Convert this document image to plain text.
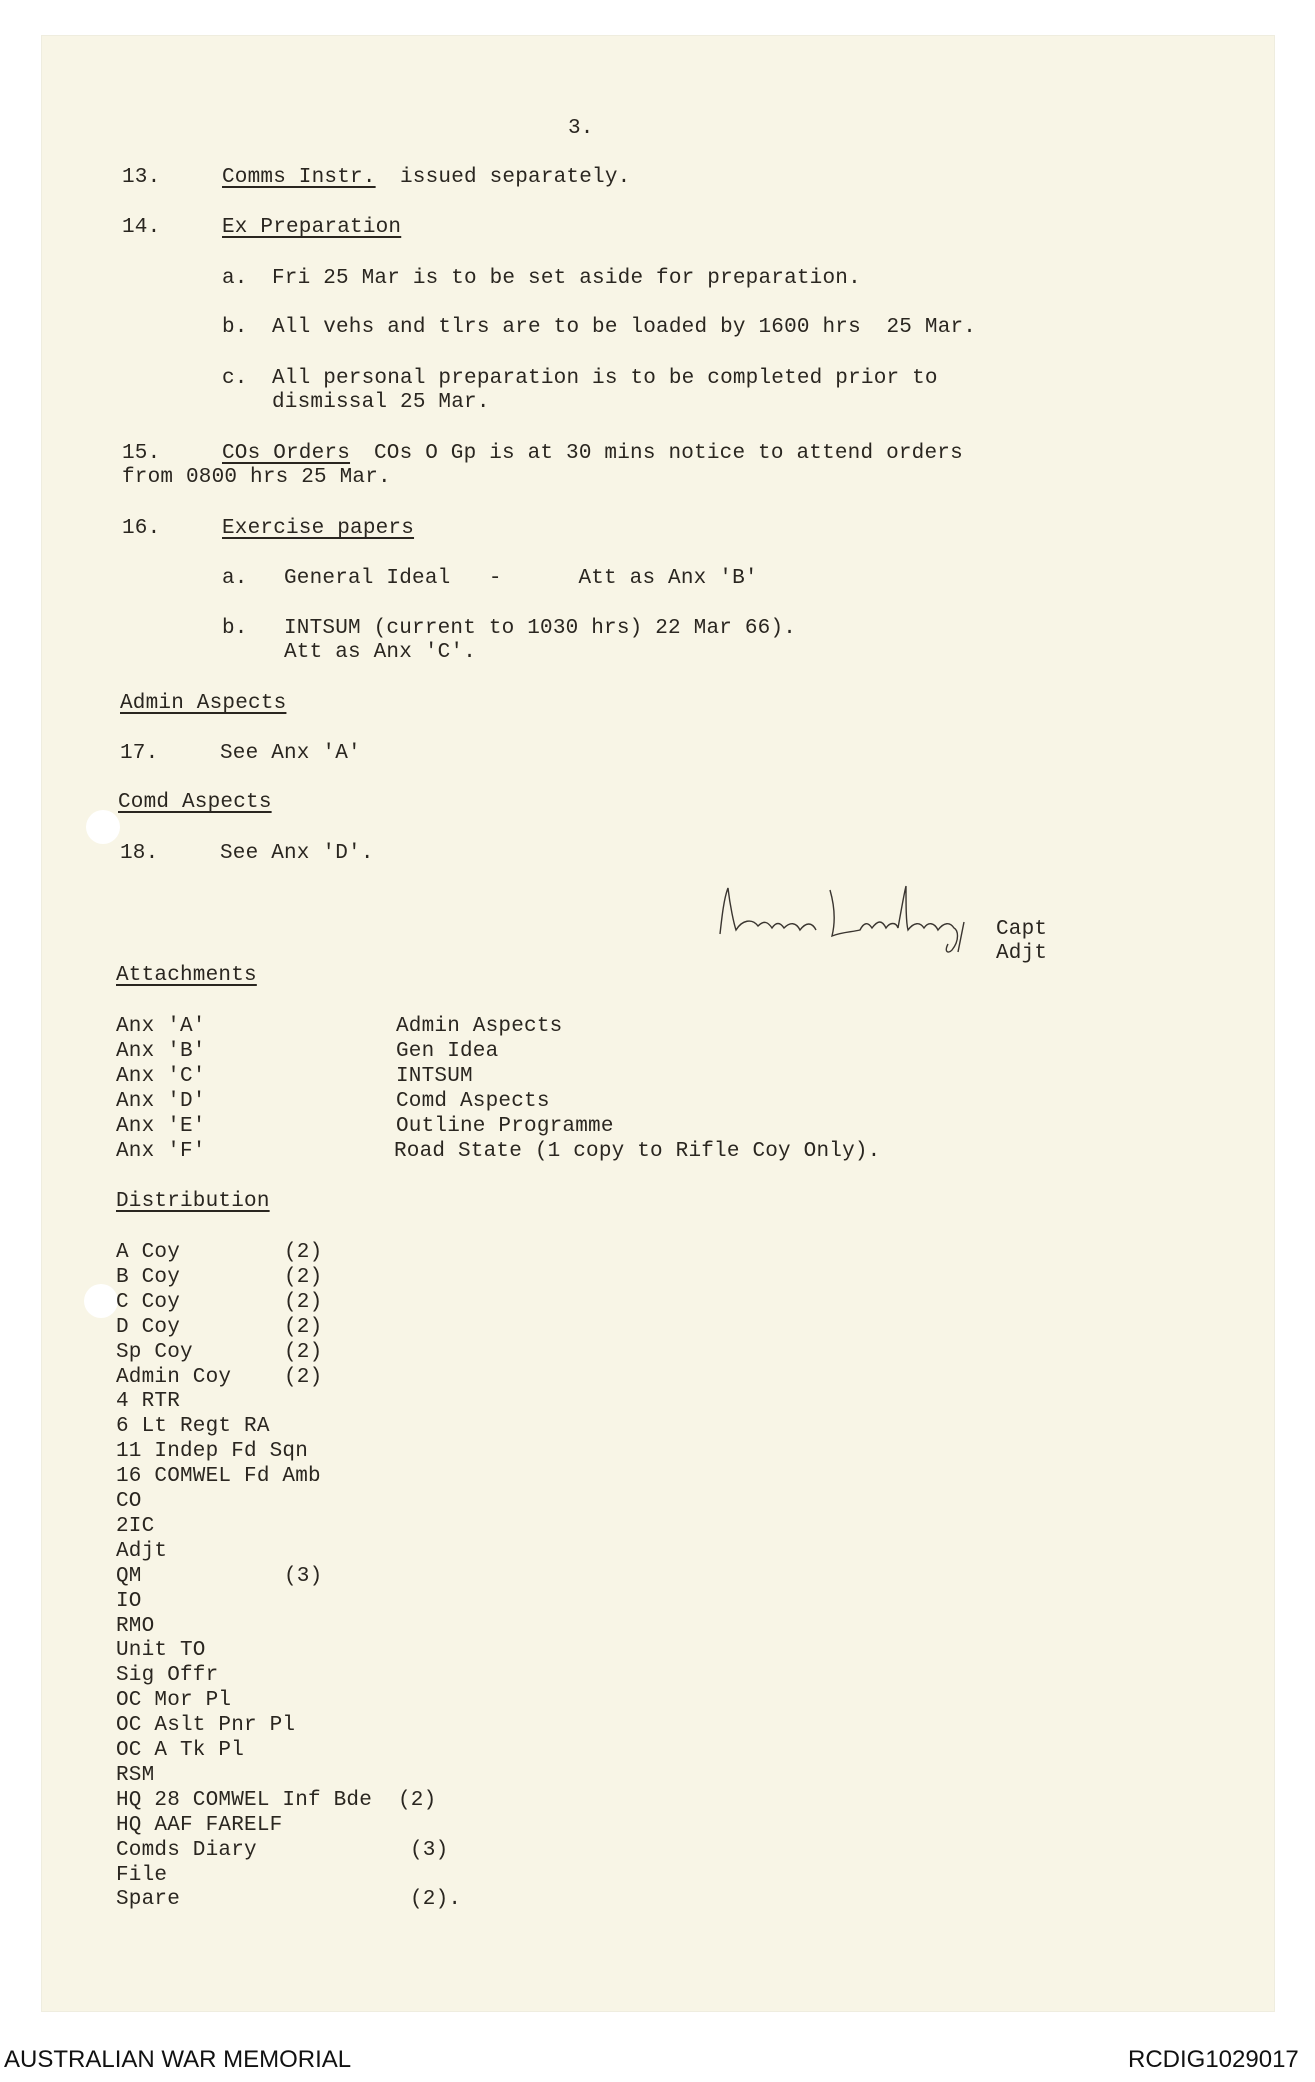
3.
13.	Comms Instr. issued separately.
14.	Ex Preparation
a. Fri 25 Mar is to be set aside for preparation.
b. All vehs and tlrs are to be loaded by 1600 hrs  25 Mar.
c. All personal preparation is to be completed prior to
dismissal 25 Mar.
15.	COs Orders COs O Gp is at 30 mins notice to attend orders
from 0800 hrs 25 Mar.
16.	Exercise papers
a. General Ideal   -      Att as Anx 'B'
b. INTSUM (current to 1030 hrs) 22 Mar 66).
Att as Anx 'C'.
Admin Aspects
17.	See Anx 'A'
Comd Aspects
18.	See Anx 'D'.
Capt
Adjt
Attachments
Anx 'A'	Admin Aspects
Anx 'B'	Gen Idea
Anx 'C'	INTSUM
Anx 'D'	Comd Aspects
Anx 'E'	Outline Programme
Anx 'F'	Road State (1 copy to Rifle Coy Only).
Distribution
A Coy	(2)
B Coy	(2)
C Coy	(2)
D Coy	(2)
Sp Coy	(2)
Admin Coy	(2)
4 RTR
6 Lt Regt RA
11 Indep Fd Sqn
16 COMWEL Fd Amb
CO
2IC
Adjt
QM	(3)
IO
RMO
Unit TO
Sig Offr
OC Mor Pl
OC Aslt Pnr Pl
OC A Tk Pl
RSM
HQ 28 COMWEL Inf Bde (2)
HQ AAF FARELF
Comds Diary	(3)
File
Spare	(2).
AUSTRALIAN WAR MEMORIAL	RCDIG1029017
